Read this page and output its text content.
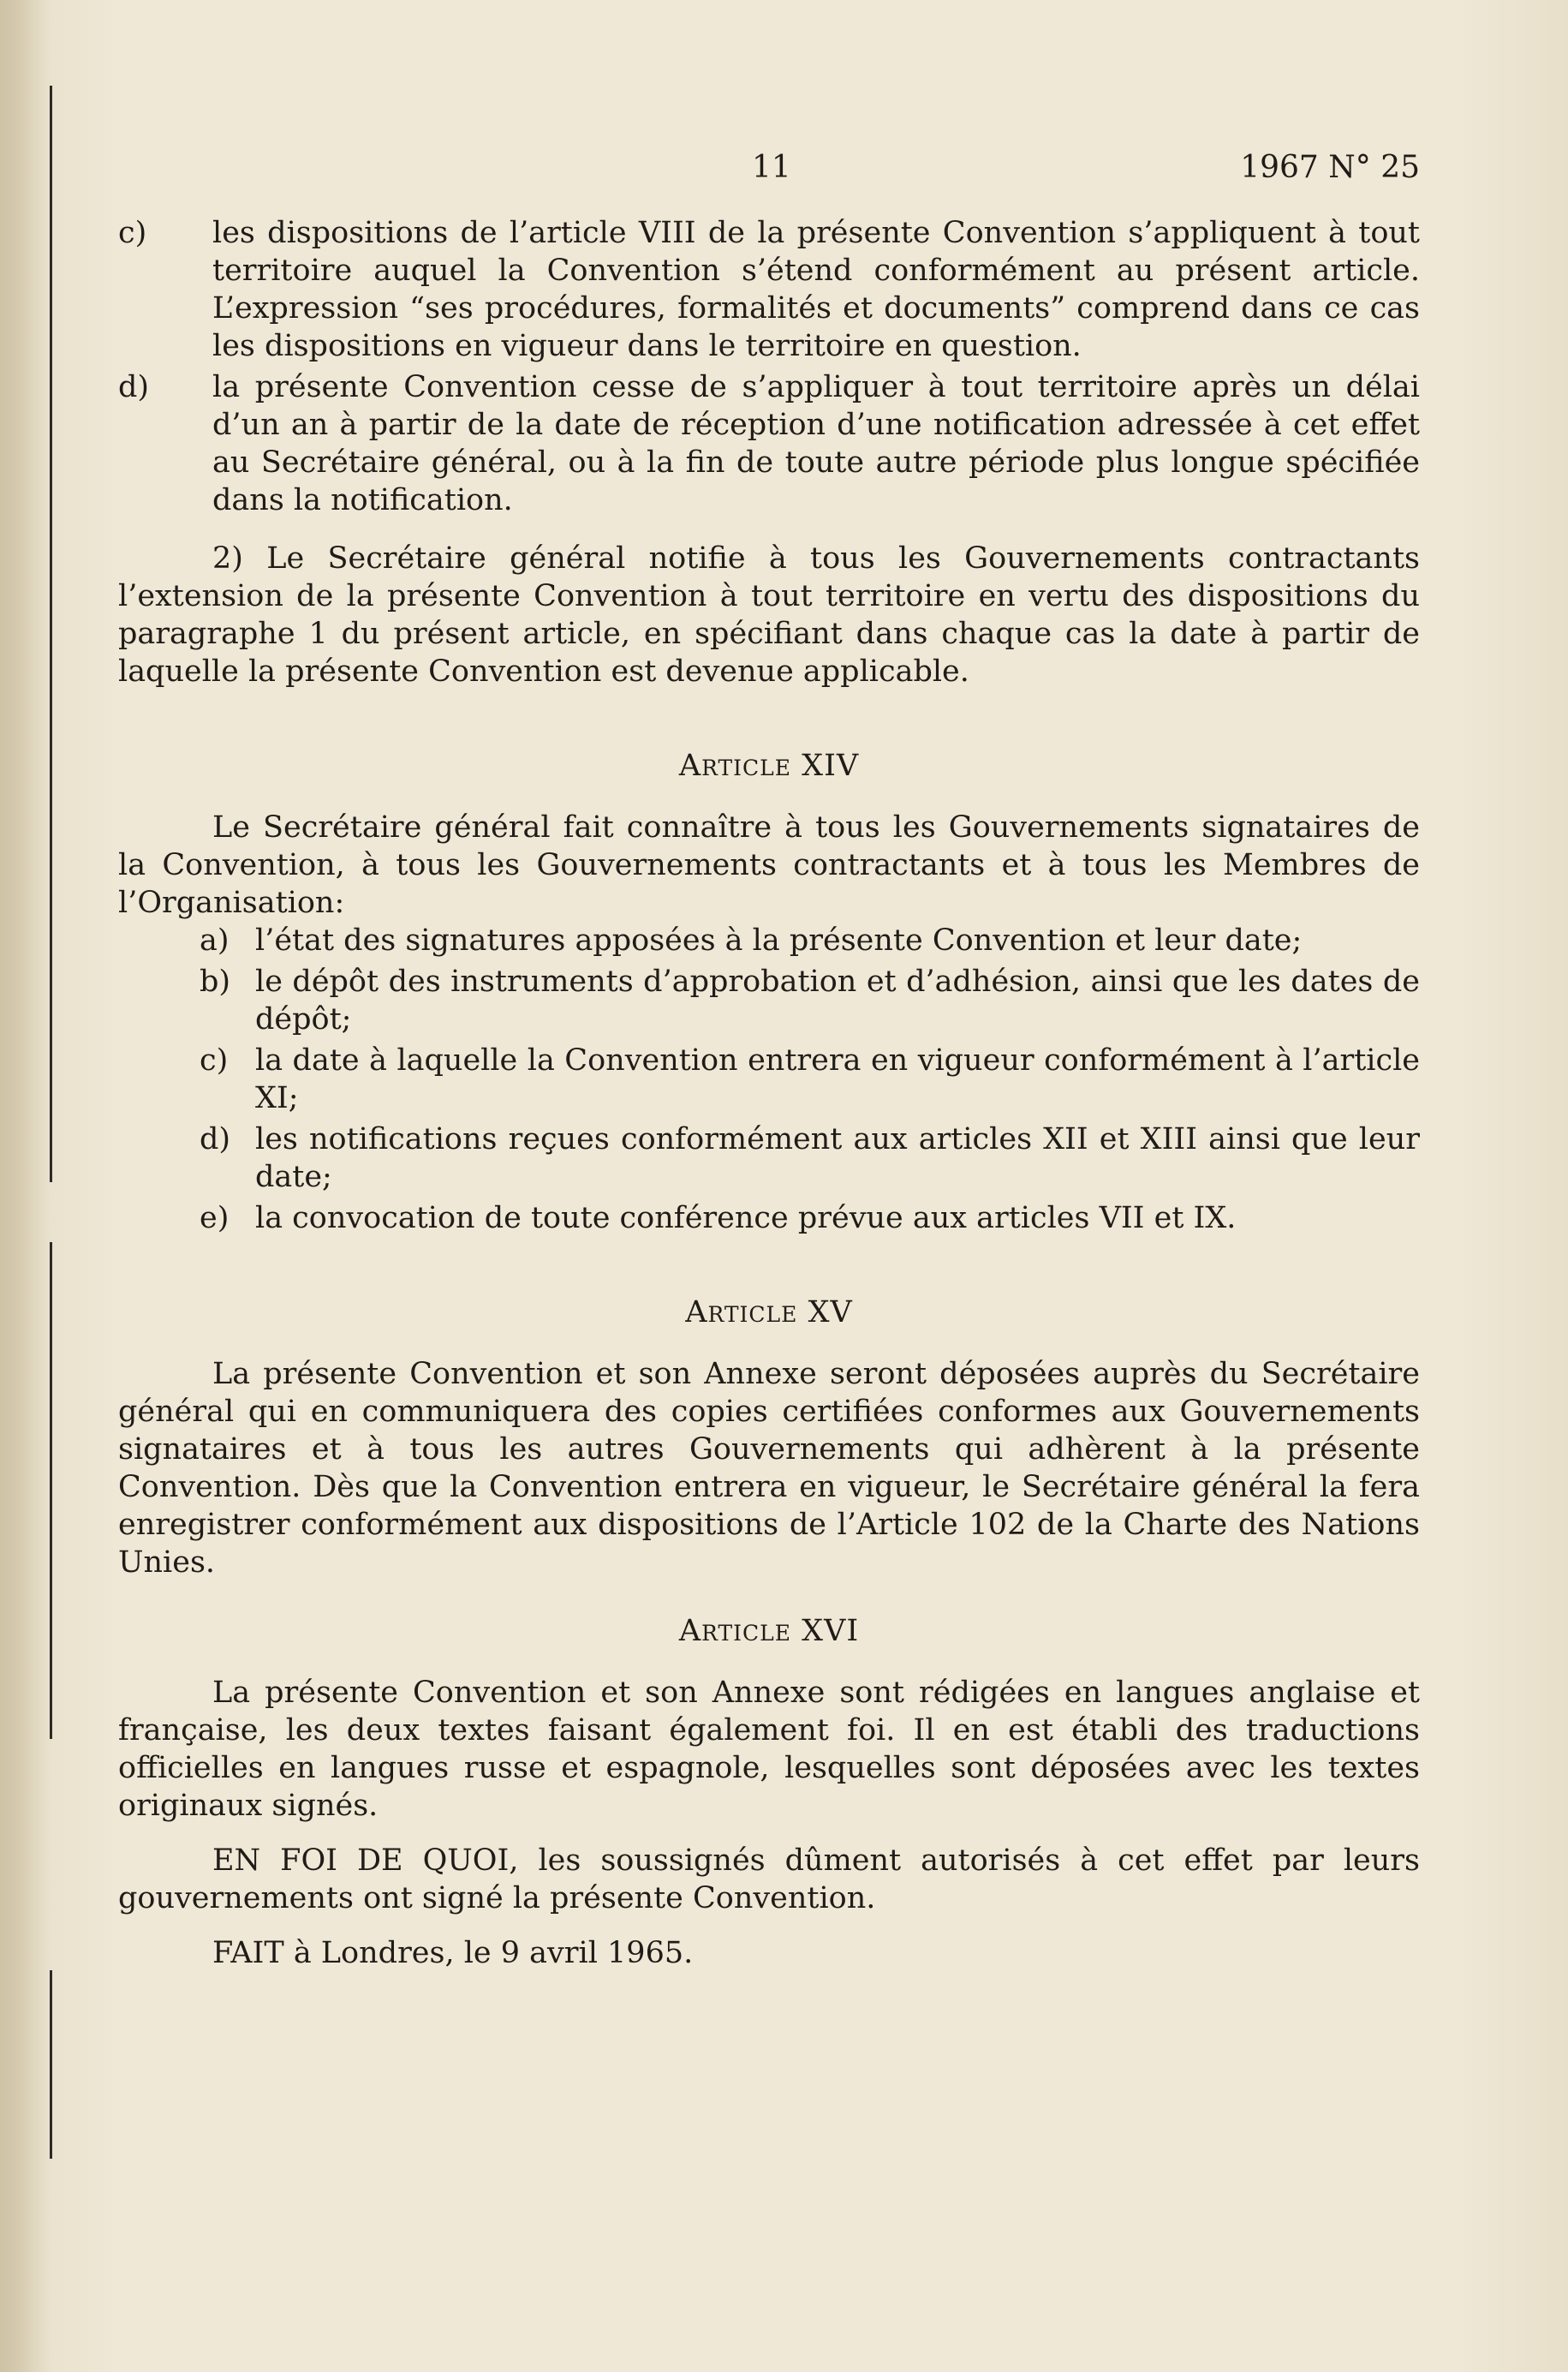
11	1967 N° 25
c) les dispositions de l’article VIII de la présente Convention s’appliquent à tout territoire auquel la Convention s’étend conformément au présent article. L’expression “ses procédures, formalités et documents” comprend dans ce cas les dispositions en vigueur dans le territoire en question.
d) la présente Convention cesse de s’appliquer à tout territoire après un délai d’un an à partir de la date de réception d’une notification adressée à cet effet au Secrétaire général, ou à la fin de toute autre période plus longue spécifiée dans la notification.

2) Le Secrétaire général notifie à tous les Gouvernements contractants l’extension de la présente Convention à tout territoire en vertu des dispositions du paragraphe 1 du présent article, en spécifiant dans chaque cas la date à partir de laquelle la présente Convention est devenue applicable.

Article XIV

Le Secrétaire général fait connaître à tous les Gouvernements signataires de la Convention, à tous les Gouvernements contractants et à tous les Membres de l’Organisation:

a) l’état des signatures apposées à la présente Convention et leur date;
b) le dépôt des instruments d’approbation et d’adhésion, ainsi que les dates de dépôt;
c) la date à laquelle la Convention entrera en vigueur conformément à l’article XI;
d) les notifications reçues conformément aux articles XII et XIII ainsi que leur date;
e) la convocation de toute conférence prévue aux articles VII et IX.
Article XV

La présente Convention et son Annexe seront déposées auprès du Secrétaire général qui en communiquera des copies certifiées conformes aux Gouvernements signataires et à tous les autres Gouvernements qui adhèrent à la présente Convention. Dès que la Convention entrera en vigueur, le Secrétaire général la fera enregistrer conformément aux dispositions de l’Article 102 de la Charte des Nations Unies.

Article XVI

La présente Convention et son Annexe sont rédigées en langues anglaise et française, les deux textes faisant également foi. Il en est établi des traductions officielles en langues russe et espagnole, lesquelles sont déposées avec les textes originaux signés.

EN FOI DE QUOI, les soussignés dûment autorisés à cet effet par leurs gouvernements ont signé la présente Convention.

FAIT à Londres, le 9 avril 1965.
